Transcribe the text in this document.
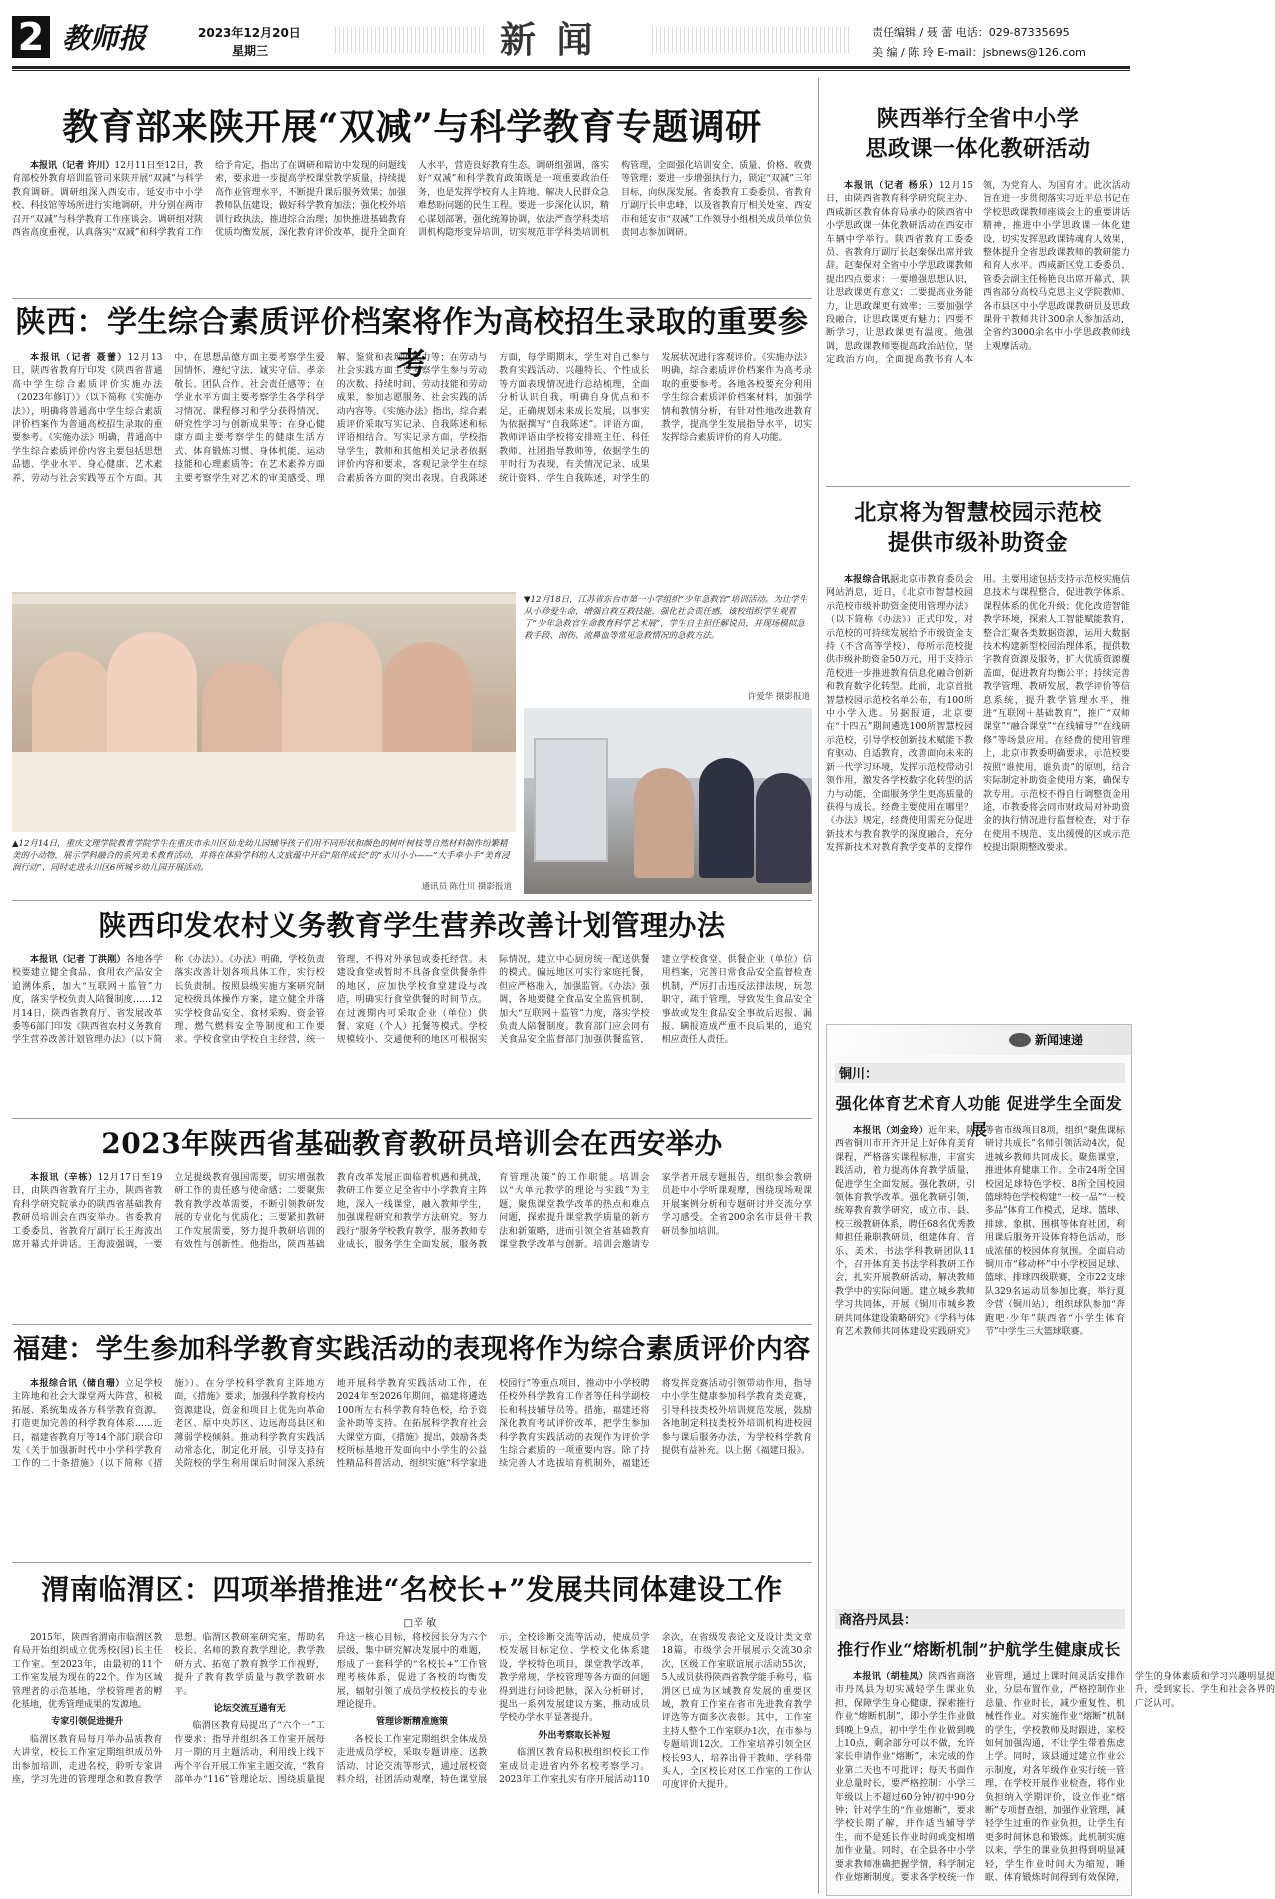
2 教师报	2023年12月20日
星期三	新 闻	责任编辑 / 聂 蕾 电话：029-87335695
美 编 / 陈 玲 E-mail：jsbnews@126.com
教育部来陕开展“双减”与科学教育专题调研

本报讯（记者 许川）12月11日至12日，教育部校外教育培训监管司来陕开展“双减”与科学教育调研。调研组深入西安市、延安市中小学校、科技馆等场所进行实地调研，并分别在两市召开“双减”与科学教育工作座谈会。调研组对陕西省高度重视，认真落实“双减”和科学教育工作给予肯定，指出了在调研和暗访中发现的问题线索，要求进一步提高学校课堂教学质量，持续提高作业管理水平，不断提升课后服务效果；加强教师队伍建设，做好科学教育加法；强化校外培训行政执法，推进综合治理；加快推进基础教育优质均衡发展，深化教育评价改革，提升全面育人水平，营造良好教育生态。调研组强调，落实好“双减”和科学教育政策既是一项重要政治任务，也是发挥学校育人主阵地、解决人民群众急难愁盼问题的民生工程。要进一步深化认识，精心谋划部署，强化统筹协调，依法严查学科类培训机构隐形变异培训，切实规范非学科类培训机构管理，全面强化培训安全、质量、价格、收费等管理；要进一步增强执行力，锁定“双减”三年目标，向纵深发展。省委教育工委委员、省教育厅副厅长申忠峰，以及省教育厅相关处室、西安市和延安市“双减”工作领导小组相关成员单位负责同志参加调研。

陕西：学生综合素质评价档案将作为高校招生录取的重要参考

本报讯（记者 聂蕾）12月13日，陕西省教育厅印发《陕西省普通高中学生综合素质评价实施办法（2023年修订）》（以下简称《实施办法》），明确将普通高中学生综合素质评价档案作为普通高校招生录取的重要参考。《实施办法》明确，普通高中学生综合素质评价内容主要包括思想品德、学业水平、身心健康、艺术素养、劳动与社会实践等五个方面。其中，在思想品德方面主要考察学生爱国情怀、遵纪守法、诚实守信、孝亲敬长、团队合作、社会责任感等；在学业水平方面主要考察学生各学科学习情况、课程修习和学分获得情况、研究性学习与创新成果等；在身心健康方面主要考察学生的健康生活方式、体育锻炼习惯、身体机能、运动技能和心理素质等；在艺术素养方面主要考察学生对艺术的审美感受、理解、鉴赏和表现的能力等；在劳动与社会实践方面主要考察学生参与劳动的次数、持续时间、劳动技能和劳动成果，参加志愿服务、社会实践的活动内容等。《实施办法》指出，综合素质评价采取写实记录、自我陈述和标评语相结合。写实记录方面，学校指导学生，教师和其他相关记录者依据评价内容和要求，客观记录学生在综合素质各方面的突出表现。自我陈述方面，每学期期末，学生对自己参与教育实践活动、兴趣特长、个性成长等方面表现情况进行总结梳理，全面分析认识自我，明确自身优点和不足，正确规划未来成长发展，以事实为依据撰写“自我陈述”。评语方面，教师评语由学校将安排班主任、科任教师、社团指导教师等，依据学生的平时行为表现，有关情况记录、成果统计资料、学生自我陈述，对学生的发展状况进行客观评价。《实施办法》明确，综合素质评价档案作为高考录取的重要参考。各地各校要充分利用学生综合素质评价档案材料，加强学情和教情分析，有针对性地改进教育教学，提高学生发展指导水平，切实发挥综合素质评价的育人功能。

▲12月14日，重庆文理学院教育学院学生在重庆市永川区仙龙幼儿园辅导孩子们用不同形状和颜色的树叶树枝等自然材料制作纷繁精美的小动物，展示学科融合的系列美术教育活动，并将在体验学科的人文底蕴中开启“陪伴成长”的“永川小小——”大手牵小手“美育浸润行动”，同时走进永川区6所城乡幼儿园开展活动。
通讯员 陈仕川 摄影报道
▼12月18日，江苏省东台市第一小学组织“少年急救官”培训活动。为让学生从小珍爱生命，增强自救互救技能，强化社会责任感，该校组织学生观看了“少年急救官生命教育科学艺术展”，学生自主担任解说员，并现场模拟急救手段、剖伤、流鼻血等常见急救情况的急救方法。
许爱华 摄影报道
陕西印发农村义务教育学生营养改善计划管理办法

本报讯（记者 丁洪刚）各地各学校要建立健全食品、食用农产品安全追溯体系，加大“互联网＋监管”力度，落实学校负责人陪餐制度……12月14日，陕西省教育厅、省发展改革委等6部门印发《陕西省农村义务教育学生营养改善计划管理办法》（以下简称《办法》）。《办法》明确，学校负责落实改善计划各项具体工作，实行校长负责制。按照县级实施方案研究制定校级具体操作方案，建立健全并落实学校食品安全、食材采购、资金管理、燃气燃料安全等制度和工作要求。学校食堂由学校自主经营，统一管理，不得对外承包或委托经营。未建设食堂或暂时不具备食堂供餐条件的地区，应加快学校食堂建设与改造，明确实行食堂供餐的时间节点。在过渡期内可采取企业（单位）供餐、家庭（个人）托餐等模式。学校规模较小、交通便利的地区可根据实际情况，建立中心厨房统一配送供餐的模式。偏远地区可实行家庭托餐，但应严格准入，加强监管。《办法》强调，各地要健全食品安全监管机制，加大“互联网＋监管”力度，落实学校负责人陪餐制度。教育部门应会同有关食品安全监督部门加强供餐监管，建立学校食堂、供餐企业（单位）信用档案，完善日常食品安全监督检查机制，严厉打击违反法律法规，玩忽职守，疏于管理，导致发生食品安全事故或发生食品安全事故后迟报、漏报、瞒报造成严重不良后果的，追究相应责任人责任。

2023年陕西省基础教育教研员培训会在西安举办

本报讯（辛栋）12月17日至19日，由陕西省教育厅主办，陕西省教育科学研究院承办的陕西省基础教育教研员培训会在西安举办。省委教育工委委员、省教育厅副厅长王海波出席开幕式并讲话。王海波强调，一要立足提级教育强国需要，切实增强教研工作的责任感与使命感；二要聚焦教育教学改革需要，不断引领教研发展的专业化与优质化；三要紧扣教研工作发展需要，努力提升教研培训的有效性与创新性。他指出，陕西基础教育改革发展正面临着机遇和挑战，教研工作要立足全省中小学教育主阵地，深入一线课堂，融入教师学生，加强课程研究和教学方法研究。努力践行“服务学校教育教学，服务教师专业成长，服务学生全面发展，服务教育管理决策”的工作职能。培训会以“大单元教学的理论与实践”为主题，聚焦课堂教学改革的热点和难点问题，探索提升课堂教学质量的新方法和新策略，进而引领全省基础教育课堂教学改革与创新。培训会邀请专家学者开展专题报告，组织参会教研员赴中小学听课观摩，围绕现场观课开展案例分析和专题研讨并交流分享学习感受。全省200余名市县骨干教研员参加培训。

福建：学生参加科学教育实践活动的表现将作为综合素质评价内容

本报综合讯（储自珊）立足学校主阵地和社会大课堂两大阵营，积极拓展、系统集成各方科学教育资源，打造更加完善的科学教育体系……近日，福建省教育厅等14个部门联合印发《关于加强新时代中小学科学教育工作的二十条措施》（以下简称《措施》）。在分学校科学教育主阵地方面，《措施》要求，加强科学教育校内资源建设，资金和项目上优先向革命老区、原中央苏区、边远海岛县区和薄弱学校倾斜。推动科学教育实践活动常态化，制定化开展，引导支持有关院校的学生利用课后时间深入系统地开展科学教育实践活动工作，在2024年至2026年期间，福建将遴选100所左右科学教育特色校，给予资金补助等支持。在拓展科学教育社会大课堂方面，《措施》提出，鼓励各类校所标基地开发面向中小学生的公益性精品科普活动，组织实施“科学家进校园行”等重点项目，推动中小学校聘任校外科学教育工作者等任科学副校长和科技辅导员等。措施，福建还将深化教育考试评价改革，把学生参加科学教育实践活动的表现作为评价学生综合素质的一项重要内容。除了持续完善人才选拔培育机制外，福建还将发挥竞赛活动引领带动作用，指导中小学生健康参加科学教育类竞赛，引导科技类校外培训规范发展，鼓励各地制定科技类校外培训机构进校园参与课后服务办法，为学校科学教育提供有益补充。以上据《福建日报》。

渭南临渭区：四项举措推进“名校长+”发展共同体建设工作
□辛 敏

2015年，陕西省渭南市临渭区教育局开始组织成立优秀校(园)长主任工作室。至2023年，由最初的11个工作室发展为现在的22个。作为区域管理者的示范基地，学校管理者的孵化基地，优秀管理成果的发源地。

专家引领促进提升

临渭区教育局每月举办品质教育大讲堂，校长工作室定期组织成员外出参加培训，走进名校，聆听专家讲座，学习先进的管理理念和教育教学思想。临渭区教研室研究室，帮助名校长、名师的教育教学理论，教学教研方式、拓宽了教育教学工作视野，提升了教育教学质量与教学教研水平。

论坛交流互通有无

临渭区教育局提出了“六个一”工作要求：指导并组织各工作室开展每月一期的月主题活动，利用线上线下两个平台开展工作室主题交流，“教育部单办“116”管理论坛、围绕质量提升这一核心目标，将校园长分为六个层级，集中研究解决发展中的难题，形成了一套科学的“名校长+”工作管理考核体系，促进了各校的均衡发展，辐射引领了成员学校校长的专业理论提升。

管理诊断精准施策

各校长工作室定期组织全体成员走进成员学校，采取专题讲座、送教活动、讨论交流等形式，通过展校资料介绍，社团活动观摩，特色课堂展示，全校诊断交流等活动，使成员学校发展目标定位、学校文化体系建设，学校特色项目，课堂教学改革，教学常规，学校管理等各方面的问题得到进行问诊把脉，深入分析研讨，提出一系列发展建议方案，推动成员学校办学水平显著提升。

外出考察取长补短

临渭区教育局积极组织校长工作室成员走进省内外名校考察学习。2023年工作室扎实有序开展活动110余次，在省级发表论文及设计类文章18篇，市级学会开展展示交流30余次，区级工作室联谊展示活动55次，5人成员获得陕西省教学能手称号，临渭区已成为区域教育发展的重要区域，教育工作室在省市先进教育教学评选等方面多次表彰。其中，工作室主持人整个工作室联办1次，在市参与专题培训12次。工作室培养引领全区校长93人，培养出骨干教师、学科带头人，全区校长对区工作室的工作认可度评价大提升。

陕西举行全省中小学
思政课一体化教研活动

本报讯（记者 杨乐）12月15日，由陕西省教育科学研究院主办、西咸新区教育体育局承办的陕西省中小学思政课一体化教研活动在西安市车辆中学举行。陕西省教育工委委员、省教育厅副厅长赵秦保出席并致辞。赵秦保对全省中小学思政课教师提出四点要求：一要增强思想认识，让思政课更有意义；二要提高业务能力，让思政课更有效率；三要加强学段融合，让思政课更有魅力；四要不断学习，让思政课更有温度。他强调，思政课教师要提高政治站位，坚定政治方向，全面提高教书育人本领，为党育人、为国育才。此次活动旨在进一步贯彻落实习近平总书记在学校思政课教师座谈会上的重要讲话精神，推进中小学思政课一体化建设，切实发挥思政课铸魂育人效果，整体提升全省思政课教师的教研能力和育人水平。西咸新区党工委委员、管委会副主任杨艳良出席开幕式，陕西省部分高校马克思主义学院教师、各市县区中小学思政课教研员及思政课骨干教师共计300余人参加活动，全省约3000余名中小学思政教师线上观摩活动。

北京将为智慧校园示范校
提供市级补助资金

本报综合讯据北京市教育委员会网站消息，近日，《北京市智慧校园示范校市级补助资金使用管理办法》（以下简称《办法》）正式印发，对示范校的可持续发展给予市级资金支持（不含高等学校），每所示范校提供市级补助资金50万元，用于支持示范校进一步推进教育信息化融合创新和教育数字化转型。此前，北京首批智慧校园示范校名单公布，有100所中小学入选。另据报道，北京要在“十四五”期间遴选100所智慧校园示范校，引导学校创新技术赋能下教育驱动、自适教育，改善面向未来的新一代学习环境，发挥示范校带动引领作用，激发各学校数字化转型的活力与动能，全面服务学生更高质量的获得与成长。经费主要使用在哪里？《办法》规定，经费使用需充分促进新技术与教育教学的深度融合，充分发挥新技术对教育教学变革的支撑作用。主要用途包括支持示范校实施信息技术与课程整合，促进教学体系、课程体系的优化升级；优化改造智能教学环境，探索人工智能赋能教育，整合汇聚各类数据资源，运用大数据技术构建新型校园治理体系，提供数字教育资源及服务，扩大优质资源覆盖面，促进教育均衡公平；持续完善教学管理、教研发展，教学评价等信息系统，提升教学管理水平，推进“互联网＋基础教育”，推广“双师课堂”“融合课堂”“在线辅导”“在线研修”等场景应用。在经费的使用管理上，北京市教委明确要求，示范校要按照“谁使用，谁负责”的原则，结合实际制定补助资金使用方案，确保专款专用。示范校不得自行调整资金用途，市教委将会同市财政局对补助资金的执行情况进行监督检查，对于存在使用不规范、支出缓慢的区或示范校提出限期整改要求。

新闻速递
铜川：
强化体育艺术育人功能 促进学生全面发展

本报讯（刘金玲）近年来，陕西省铜川市开齐开足上好体育美育课程，严格落实课程标准，丰富实践活动，着力提高体育教学质量，促进学生全面发展。强化教研，引领体育教学改革。强化教研引领，统筹教育教学研究，成立市、县、校三级教研体系，聘任68名优秀教师担任兼职教研员，组建体育、音乐、美术、书法学科教研团队11个，召开体育美书法学科教研工作会，扎实开展教研活动，解决教师教学中的实际问题。建立城乡教师学习共同体，开展《铜川市城乡教研共同体建设策略研究》《学科与体育艺术教师共同体建设实践研究》等省市级项目8项，组织“聚焦课标 研讨共成长”名师引领活动4次，促进城乡教师共同成长。聚焦课堂，推进体育健康工作。全市24所全国校园足球特色学校、8所全国校园篮球特色学校构建“一校一品”“一校多品”体育工作模式，足球、篮球、排球、象棋、围棋等体育社团，利用课后服务开设体育特色活动，形成浓郁的校园体育氛围。全面启动铜川市“移动杯”中小学校园足球、篮球、排球四级联赛，全市22支球队329名运动员参加比赛，举行夏令营（铜川站），组织球队参加“奔跑吧·少年”陕西省“小学生体育节”中学生三大篮球联赛。

商洛丹凤县：
推行作业“熔断机制”护航学生健康成长

本报讯（胡桂凤）陕西省商洛市丹凤县为切实减轻学生课业负担，保障学生身心健康，探索推行作业“熔断机制”，即小学生作业做到晚上9点，初中学生作业做到晚上10点，剩余部分可以不做，允许家长申请作业“熔断”，未完成的作业第二天也不可批评；每天书面作业总量时长，要严格控制：小学三年级以上不超过60分钟/初中90分钟；针对学生的“作业熔断”，要求学校长期了解，并作适当辅导学生，而不是延长作业时间或变相增加作业量。同时，在全县各中小学要求教师准确把握学情，科学制定作业熔断制度。要求各学校统一作业管理，通过上课时间灵活安排作业，分层布置作业，严格控制作业总量、作业时长，减少重复性、机械性作业。对实施作业“熔断”机制的学生，学校教师及时跟进，家校如何加强沟通，不让学生带着焦虑上学。同时，该县通过建立作业公示制度，对各年级作业实行统一管理，在学校开展作业检查，将作业负担纳入学期评价，设立作业“熔断”专项督查组，加强作业管理，减轻学生过重的作业负担，让学生有更多时间休息和锻炼。此机制实施以来，学生的课业负担得到明显减轻，学生作业时间大为缩短，睡眠、体育锻炼时间得到有效保障，学生的身体素质和学习兴趣明显提升，受到家长、学生和社会各界的广泛认可。
